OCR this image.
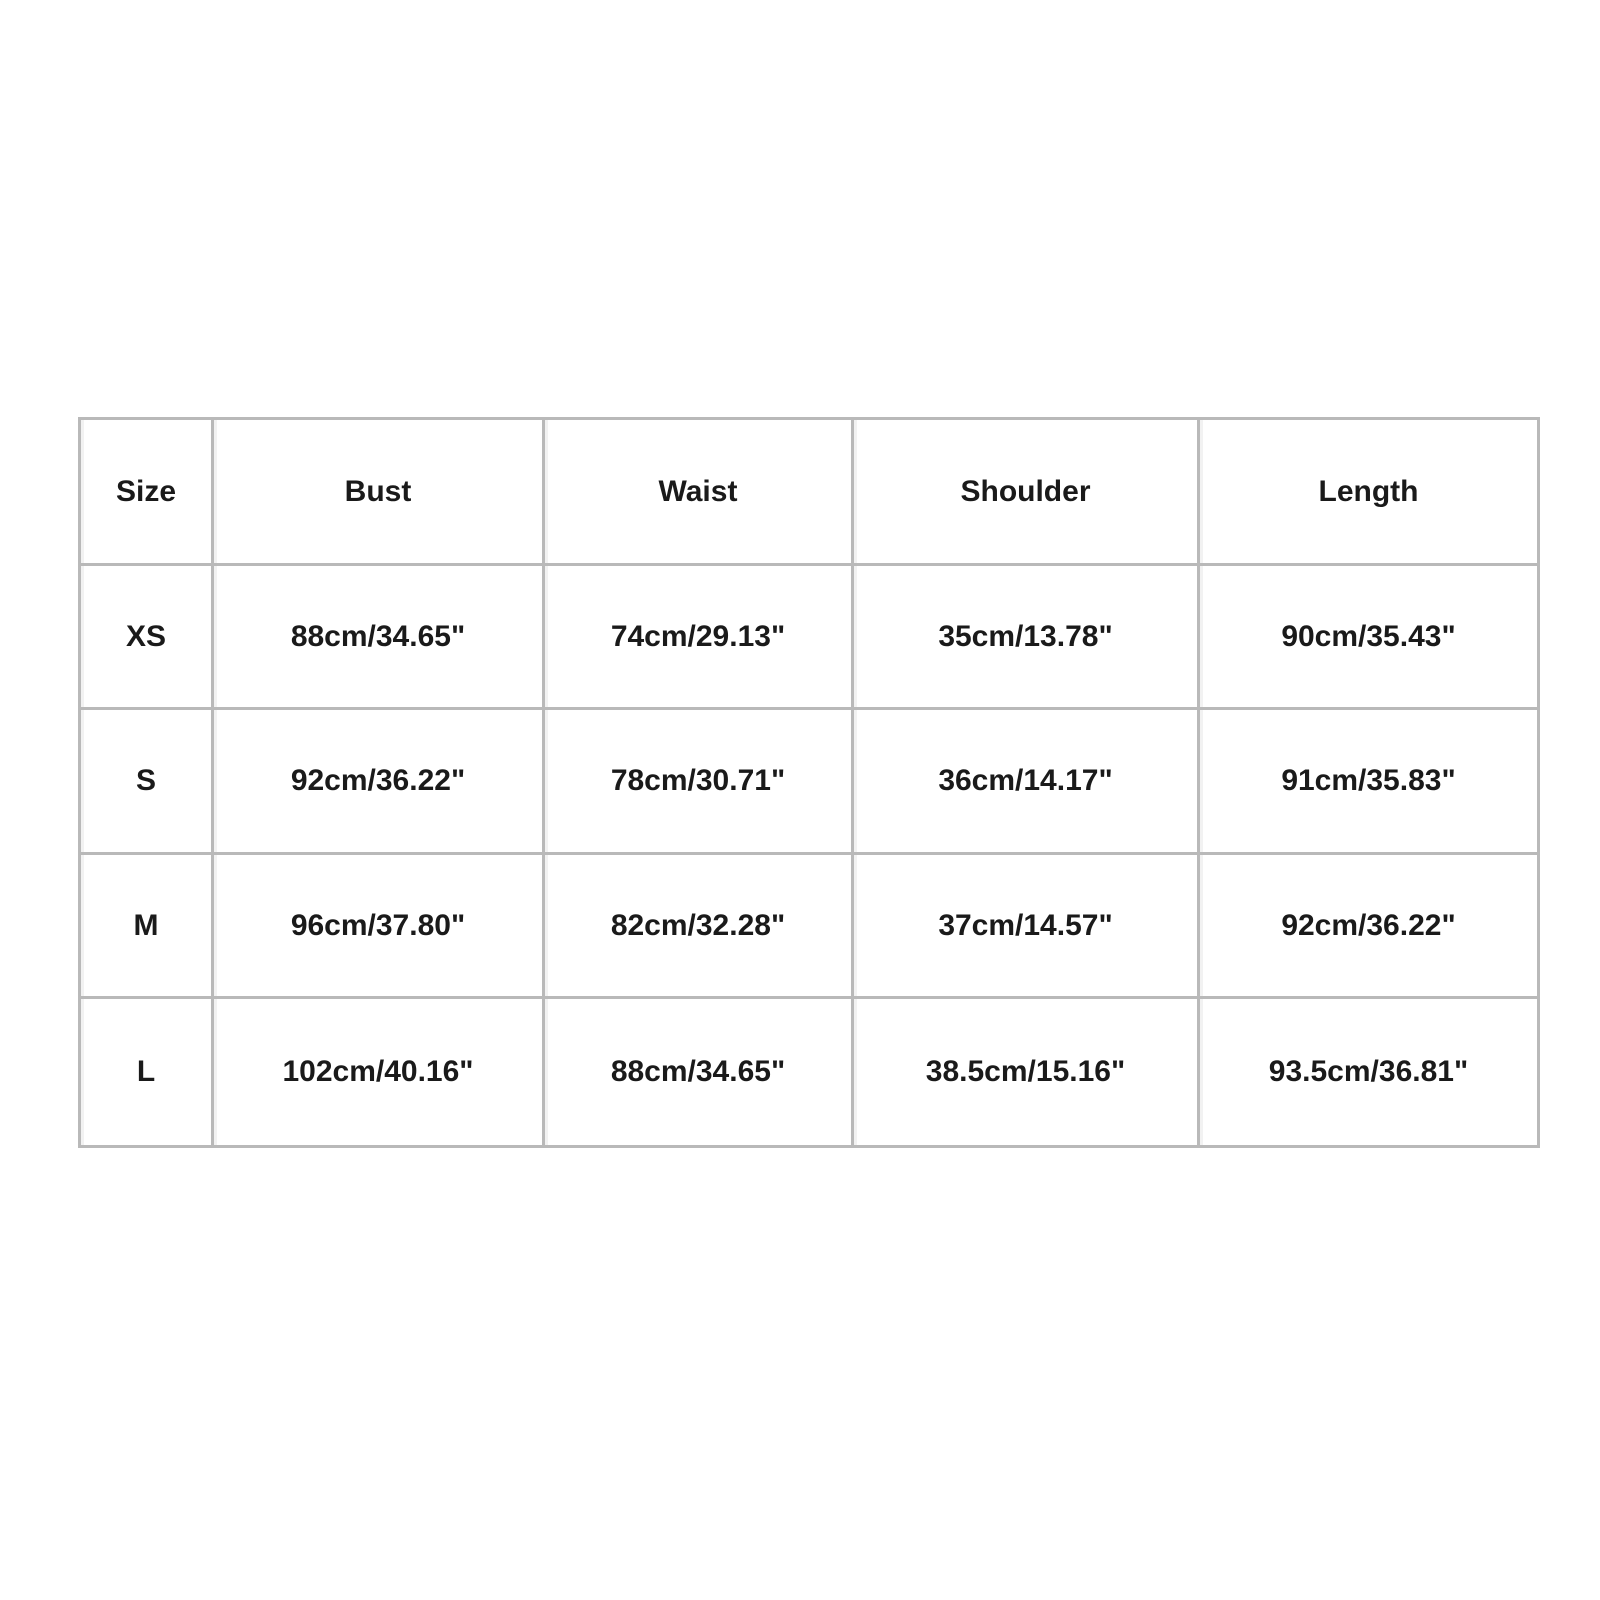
Size	Bust	Waist	Shoulder	Length
XS	88cm/34.65"	74cm/29.13"	35cm/13.78"	90cm/35.43"
S	92cm/36.22"	78cm/30.71"	36cm/14.17"	91cm/35.83"
M	96cm/37.80"	82cm/32.28"	37cm/14.57"	92cm/36.22"
L	102cm/40.16"	88cm/34.65"	38.5cm/15.16"	93.5cm/36.81"
